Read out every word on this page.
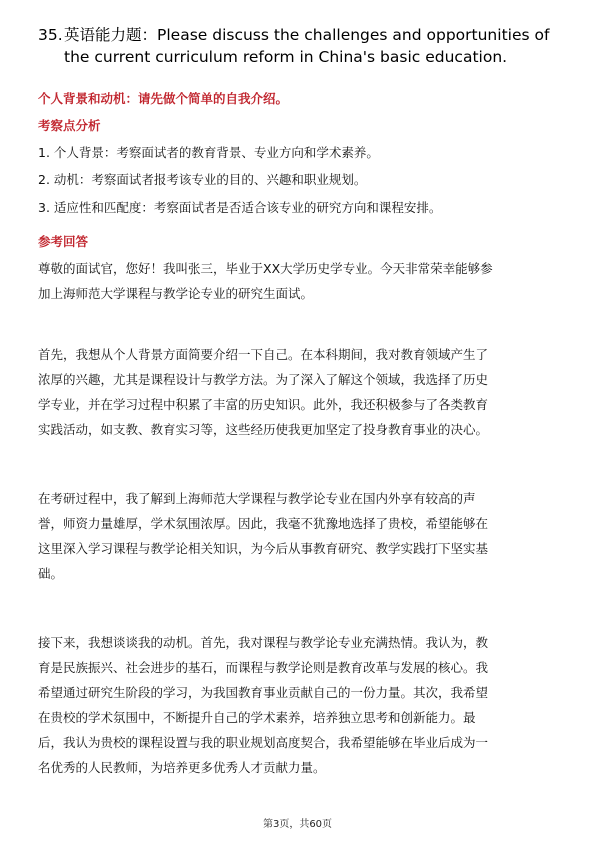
35.英语能力题：Please discuss the challenges and opportunities of
the current curriculum reform in China's basic education.
个人背景和动机：请先做个简单的自我介绍。
考察点分析
1. 个人背景：考察面试者的教育背景、专业方向和学术素养。
2. 动机：考察面试者报考该专业的目的、兴趣和职业规划。
3. 适应性和匹配度：考察面试者是否适合该专业的研究方向和课程安排。
参考回答
尊敬的面试官，您好！我叫张三，毕业于XX大学历史学专业。今天非常荣幸能够参
加上海师范大学课程与教学论专业的研究生面试。
首先，我想从个人背景方面简要介绍一下自己。在本科期间，我对教育领域产生了
浓厚的兴趣，尤其是课程设计与教学方法。为了深入了解这个领域，我选择了历史
学专业，并在学习过程中积累了丰富的历史知识。此外，我还积极参与了各类教育
实践活动，如支教、教育实习等，这些经历使我更加坚定了投身教育事业的决心。
在考研过程中，我了解到上海师范大学课程与教学论专业在国内外享有较高的声
誉，师资力量雄厚，学术氛围浓厚。因此，我毫不犹豫地选择了贵校，希望能够在
这里深入学习课程与教学论相关知识，为今后从事教育研究、教学实践打下坚实基
础。
接下来，我想谈谈我的动机。首先，我对课程与教学论专业充满热情。我认为，教
育是民族振兴、社会进步的基石，而课程与教学论则是教育改革与发展的核心。我
希望通过研究生阶段的学习，为我国教育事业贡献自己的一份力量。其次，我希望
在贵校的学术氛围中，不断提升自己的学术素养，培养独立思考和创新能力。最
后，我认为贵校的课程设置与我的职业规划高度契合，我希望能够在毕业后成为一
名优秀的人民教师，为培养更多优秀人才贡献力量。
第3页，共60页
